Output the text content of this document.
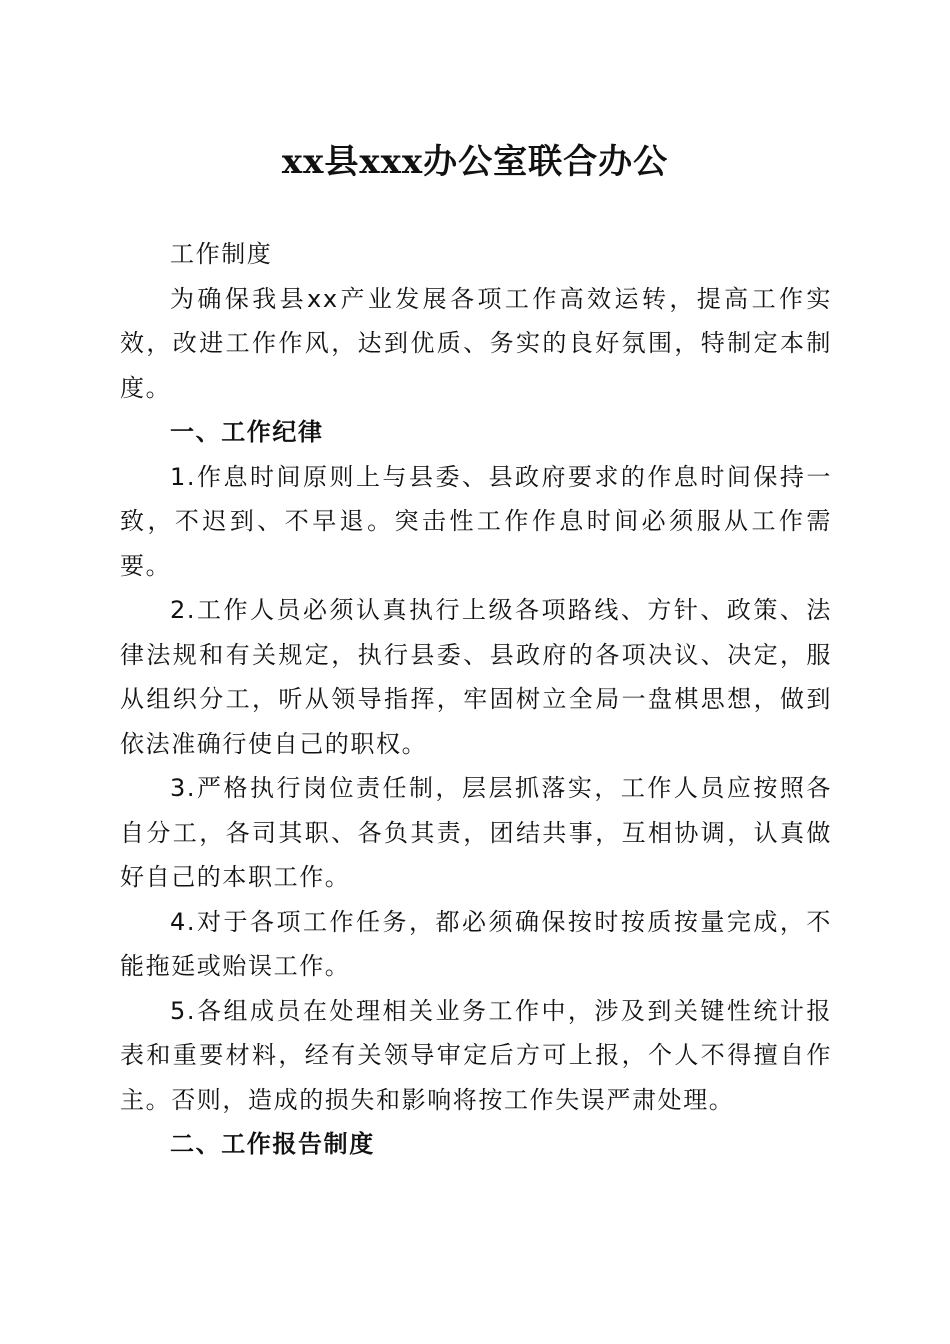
xx县xxx办公室联合办公

工作制度

为确保我县xx产业发展各项工作高效运转，提高工作实效，改进工作作风，达到优质、务实的良好氛围，特制定本制度。

一、工作纪律

1.作息时间原则上与县委、县政府要求的作息时间保持一致，不迟到、不早退。突击性工作作息时间必须服从工作需要。

2.工作人员必须认真执行上级各项路线、方针、政策、法律法规和有关规定，执行县委、县政府的各项决议、决定，服从组织分工，听从领导指挥，牢固树立全局一盘棋思想，做到依法准确行使自己的职权。

3.严格执行岗位责任制，层层抓落实，工作人员应按照各自分工，各司其职、各负其责，团结共事，互相协调，认真做好自己的本职工作。

4.对于各项工作任务，都必须确保按时按质按量完成，不能拖延或贻误工作。

5.各组成员在处理相关业务工作中，涉及到关键性统计报表和重要材料，经有关领导审定后方可上报，个人不得擅自作主。否则，造成的损失和影响将按工作失误严肃处理。

二、工作报告制度
